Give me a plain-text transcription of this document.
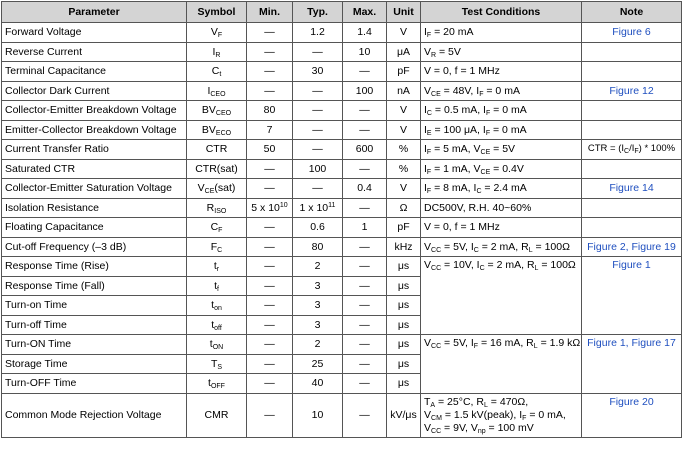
Parameter	Symbol	Min.	Typ.	Max.	Unit	Test Conditions	Note
Forward Voltage	$V_F$	—	1.2	1.4	V	$I_F = 20$ mA	Figure 6
Reverse Current	$I_R$	—	—	10	μA	$V_R = 5V$	
Terminal Capacitance	$C_t$	—	30	—	pF	V = 0, f = 1 MHz	
Collector Dark Current	$I_{CEO}$	—	—	100	nA	$V_{CE} = 48V$, $I_F = 0$ mA	Figure 12
Collector-Emitter Breakdown Voltage	$BV_{CEO}$	80	—	—	V	$I_C = 0.5$ mA, $I_F = 0$ mA	
Emitter-Collector Breakdown Voltage	$BV_{ECO}$	7	—	—	V	$I_E = 100$ μA, $I_F = 0$ mA	
Current Transfer Ratio	CTR	50	—	600	%	$I_F = 5$ mA, $V_{CE} = 5V$	CTR = $(I_C/I_F) * 100\%$
Saturated CTR	CTR(sat)	—	100	—	%	$I_F = 1$ mA, $V_{CE} = 0.4V$	
Collector-Emitter Saturation Voltage	$V_{CE}(sat)$	—	—	0.4	V	$I_F = 8$ mA, $I_C = 2.4$ mA	Figure 14
Isolation Resistance	$R_{ISO}$	5 x $10^{10}$	1 x $10^{11}$	—	Ω	DC500V, R.H. 40~60%	
Floating Capacitance	$C_F$	—	0.6	1	pF	V = 0, f = 1 MHz	
Cut-off Frequency (–3 dB)	$F_C$	—	80	—	kHz	$V_{CC} = 5V$, $I_C = 2$ mA, $R_L = 100\Omega$	Figure 2, Figure 19
Response Time (Rise)	$t_r$	—	2	—	μs	$V_{CC} = 10V$, $I_C = 2$ mA, $R_L = 100\Omega$	Figure 1
Response Time (Fall)	$t_f$	—	3	—	μs		
Turn-on Time	$t_{on}$	—	3	—	μs		
Turn-off Time	$t_{off}$	—	3	—	μs		
Turn-ON Time	$t_{ON}$	—	2	—	μs	$V_{CC} = 5V$, $I_F = 16$ mA, $R_L = 1.9$ kΩ	Figure 1, Figure 17
Storage Time	$T_S$	—	25	—	μs		
Turn-OFF Time	$t_{OFF}$	—	40	—	μs		
Common Mode Rejection Voltage	CMR	—	10	—	kV/μs	$T_A = 25^\circ C$, $R_L = 470\Omega$,
$V_{CM} = 1.5$ kV(peak), $I_F = 0$ mA,
$V_{CC} = 9V$, $V_{np} = 100$ mV	Figure 20
